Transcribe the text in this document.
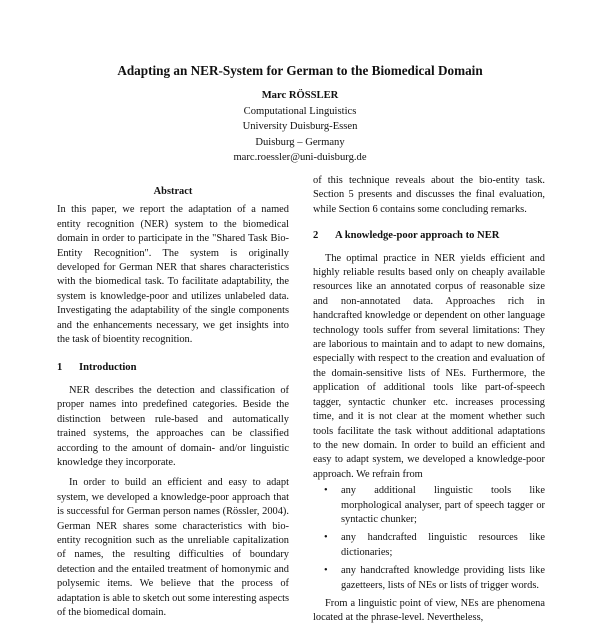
Adapting an NER-System for German to the Biomedical Domain
Marc RÖSSLER
Computational Linguistics
University Duisburg-Essen
Duisburg – Germany
marc.roessler@uni-duisburg.de
Abstract

In this paper, we report the adaptation of a named entity recognition (NER) system to the biomedical domain in order to participate in the "Shared Task Bio-Entity Recognition". The system is originally developed for German NER that shares characteristics with the biomedical task. To facilitate adaptability, the system is knowledge-poor and utilizes unlabeled data. Investigating the adaptability of the single components and the enhancements necessary, we get insights into the task of bioentity recognition.

1 Introduction

NER describes the detection and classification of proper names into predefined categories. Beside the distinction between rule-based and automatically trained systems, the approaches can be classified according to the amount of domain- and/or linguistic knowledge they incorporate.

In order to build an efficient and easy to adapt system, we developed a knowledge-poor approach that is successful for German person names (Rössler, 2004). German NER shares some characteristics with bio-entity recognition such as the unreliable capitalization of names, the resulting difficulties of boundary detection and the entailed treatment of homonymic and polysemic items. We believe that the process of adaptation is able to sketch out some interesting aspects of the biomedical domain.

of this technique reveals about the bio-entity task. Section 5 presents and discusses the final evaluation, while Section 6 contains some concluding remarks.

2 A knowledge-poor approach to NER

The optimal practice in NER yields efficient and highly reliable results based only on cheaply available resources like an annotated corpus of reasonable size and non-annotated data. Approaches rich in handcrafted knowledge or dependent on other language technology tools suffer from several limitations: They are laborious to maintain and to adapt to new domains, especially with respect to the creation and evaluation of the domain-sensitive lists of NEs. Furthermore, the application of additional tools like part-of-speech tagger, syntactic chunker etc. increases processing time, and it is not clear at the moment whether such tools facilitate the task without additional adaptations to the new domain. In order to build an efficient and easy to adapt system, we developed a knowledge-poor approach. We refrain from

• any additional linguistic tools like morphological analyser, part of speech tagger or syntactic chunker;
• any handcrafted linguistic resources like dictionaries;
• any handcrafted knowledge providing lists like gazetteers, lists of NEs or lists of trigger words.

From a linguistic point of view, NEs are phenomena located at the phrase-level. Nevertheless,
